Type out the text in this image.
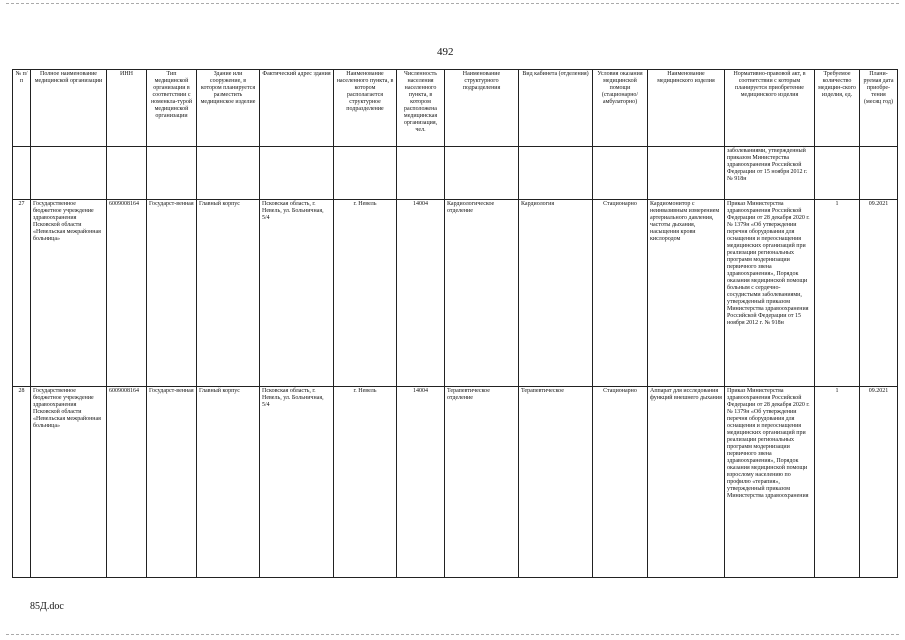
492
№ п/п	Полное наименование медицинской организации	ИНН	Тип медицинской организации в соответствии с номенкла-турой медицинской организации	Здание или сооружение, в котором планируется разместить медицинское изделие	Фактический адрес здания	Наименование населенного пункта, в котором располагается структурное подразделение	Численность населения населенного пункта, в котором расположена медицинская организация, чел.	Наименование структурного подразделения	Вид кабинета (отделения)	Условия оказания медицинской помощи (стационарно/ амбулаторно)	Наименование медицинского изделия	Нормативно-правовой акт, в соответствии с которым планируется приобретение медицинского изделия	Требуемое количество медицин-ского изделия, ед.	Плани-руемая дата приобре-тения (месяц год)
												заболеваниями, утвержденный приказом Министерства здравоохранения Российской Федерации от 15 ноября 2012 г. № 918н		
27	Государственное бюджетное учреждение здравоохранения Псковской области «Невельская межрайонная больница»	6009008164	Государст-венная	Главный корпус	Псковская область, г. Невель, ул. Больничная, 5/4	г. Невель	14004	Кардиологическое отделение	Кардиология	Стационарно	Кардиомонитор с неинвазивным измерением артериального давления, частоты дыхания, насыщения крови кислородом	Приказ Министерства здравоохранения Российской Федерации от 28 декабря 2020 г. № 1379н «Об утверждении перечня оборудования для оснащения и переоснащения медицинских организаций при реализации региональных программ модернизации первичного звена здравоохранения», Порядок оказания медицинской помощи больным с сердечно-сосудистыми заболеваниями, утвержденный приказом Министерства здравоохранения Российской Федерации от 15 ноября 2012 г. № 918н	1	09.2021
28	Государственное бюджетное учреждение здравоохранения Псковской области «Невельская межрайонная больница»	6009008164	Государст-венная	Главный корпус	Псковская область, г. Невель, ул. Больничная, 5/4	г. Невель	14004	Терапевтическое отделение	Терапевтическое	Стационарно	Аппарат для исследования функций внешнего дыхания	Приказ Министерства здравоохранения Российской Федерации от 28 декабря 2020 г. № 1379н «Об утверждении перечня оборудования для оснащения и переоснащения медицинских организаций при реализации региональных программ модернизации первичного звена здравоохранения», Порядок оказания медицинской помощи взрослому населению по профилю «терапия», утвержденный приказом Министерства здравоохранения	1	09.2021
85Д.doc
